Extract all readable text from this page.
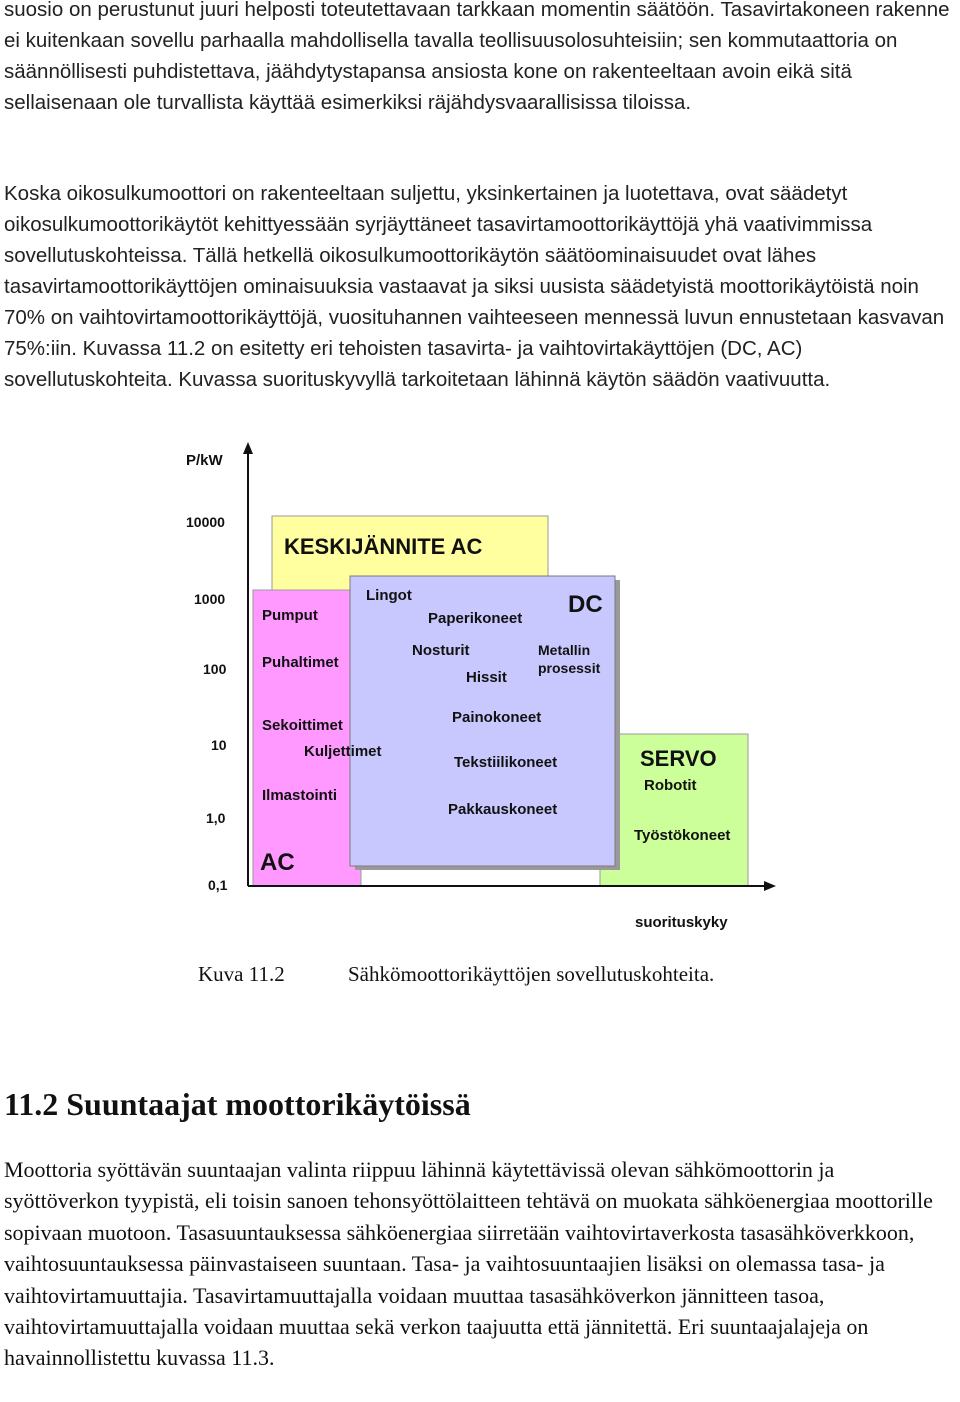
suosio on perustunut juuri helposti toteutettavaan tarkkaan momentin säätöön. Tasavirtakoneen rakenne ei kuitenkaan sovellu parhaalla mahdollisella tavalla teollisuusolosuhteisiin; sen kommutaattoria on säännöllisesti puhdistettava, jäähdytystapansa ansiosta kone on rakenteeltaan avoin eikä sitä sellaisenaan ole turvallista käyttää esimerkiksi räjähdysvaarallisissa tiloissa.

Koska oikosulkumoottori on rakenteeltaan suljettu, yksinkertainen ja luotettava, ovat säädetyt oikosulkumoottorikäytöt kehittyessään syrjäyttäneet tasavirtamoottorikäyttöjä yhä vaativimmissa sovellutuskohteissa. Tällä hetkellä oikosulkumoottorikäytön säätöominaisuudet ovat lähes tasavirtamoottorikäyttöjen ominaisuuksia vastaavat ja siksi uusista säädetyistä moottorikäytöistä noin 70% on vaihtovirtamoottorikäyttöjä, vuosituhannen vaihteeseen mennessä luvun ennustetaan kasvavan 75%:iin. Kuvassa 11.2 on esitetty eri tehoisten tasavirta- ja vaihtovirtakäyttöjen (DC, AC) sovellutuskohteita. Kuvassa suorituskyvyllä tarkoitetaan lähinnä käytön säädön vaativuutta.

P/kW
suorituskyky
10000
1000
100
10
1,0
0,1
KESKIJÄNNITE AC
Pumput
Puhaltimet
Sekoittimet
Ilmastointi
AC
Kuljettimet
Lingot	DC
Paperikoneet
Nosturit
Hissit
Metallin prosessit
Painokoneet
Tekstiilikoneet
Pakkauskoneet
SERVO
Robotit
Työstökoneet
Kuva 11.2	Sähkömoottorikäyttöjen sovellutuskohteita.
11.2 Suuntaajat moottorikäytöissä

Moottoria syöttävän suuntaajan valinta riippuu lähinnä käytettävissä olevan sähkömoottorin ja syöttöverkon tyypistä, eli toisin sanoen tehonsyöttölaitteen tehtävä on muokata sähköenergiaa moottorille sopivaan muotoon. Tasasuuntauksessa sähköenergiaa siirretään vaihtovirtaverkosta tasasähköverkkoon, vaihtosuuntauksessa päinvastaiseen suuntaan. Tasa- ja vaihtosuuntaajien lisäksi on olemassa tasa- ja vaihtovirtamuuttajia. Tasavirtamuuttajalla voidaan muuttaa tasasähköverkon jännitteen tasoa, vaihtovirtamuuttajalla voidaan muuttaa sekä verkon taajuutta että jännitettä. Eri suuntaajalajeja on havainnollistettu kuvassa 11.3.
